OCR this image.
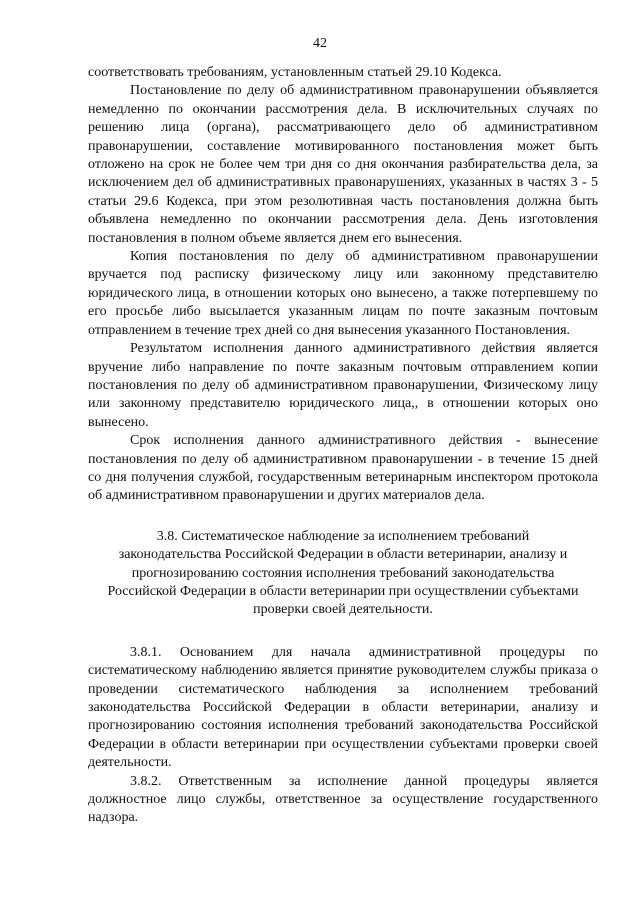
42

соответствовать требованиям, установленным статьей 29.10 Кодекса.

Постановление по делу об административном правонарушении объявляется немедленно по окончании рассмотрения дела. В исключительных случаях по решению лица (органа), рассматривающего дело об административном правонарушении, составление мотивированного постановления может быть отложено на срок не более чем три дня со дня окончания разбирательства дела, за исключением дел об административных правонарушениях, указанных в частях 3 - 5 статьи 29.6 Кодекса, при этом резолютивная часть постановления должна быть объявлена немедленно по окончании рассмотрения дела. День изготовления постановления в полном объеме является днем его вынесения.

Копия постановления по делу об административном правонарушении вручается под расписку физическому лицу или законному представителю юридического лица, в отношении которых оно вынесено, а также потерпевшему по его просьбе либо высылается указанным лицам по почте заказным почтовым отправлением в течение трех дней со дня вынесения указанного Постановления.

Результатом исполнения данного административного действия является вручение либо направление по почте заказным почтовым отправлением копии постановления по делу об административном правонарушении, Физическому лицу или законному представителю юридического лица,, в отношении которых оно вынесено.

Срок исполнения данного административного действия - вынесение постановления по делу об административном правонарушении - в течение 15 дней со дня получения службой, государственным ветеринарным инспектором протокола об административном правонарушении и других материалов дела.

3.8. Систематическое наблюдение за исполнением требований
законодательства Российской Федерации в области ветеринарии, анализу и
прогнозированию состояния исполнения требований законодательства
Российской Федерации в области ветеринарии при осуществлении субъектами
проверки своей деятельности.

3.8.1. Основанием для начала административной процедуры по систематическому наблюдению является принятие руководителем службы приказа о проведении систематического наблюдения за исполнением требований законодательства Российской Федерации в области ветеринарии, анализу и прогнозированию состояния исполнения требований законодательства Российской Федерации в области ветеринарии при осуществлении субъектами проверки своей деятельности.

3.8.2. Ответственным за исполнение данной процедуры является должностное лицо службы, ответственное за осуществление государственного надзора.
